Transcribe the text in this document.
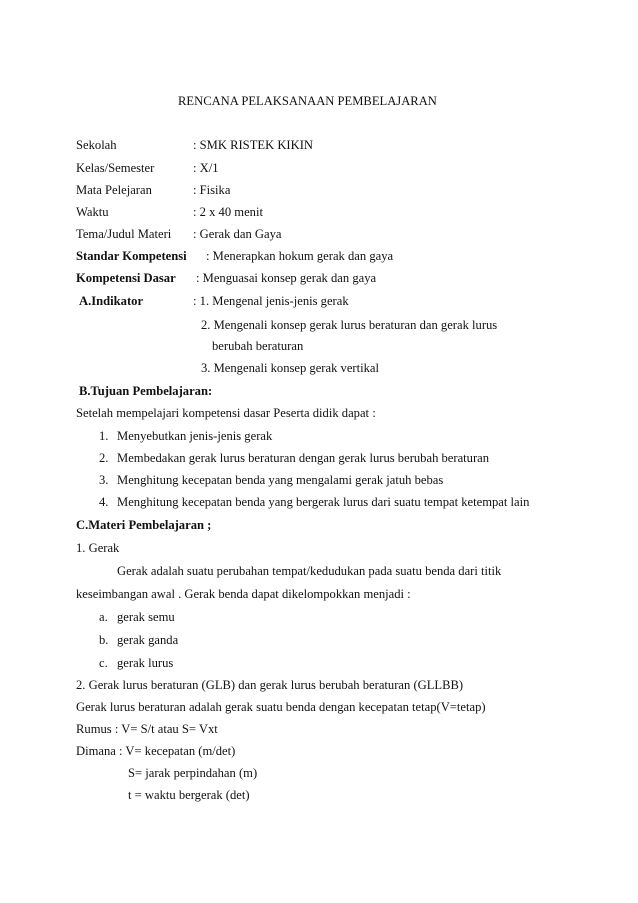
RENCANA PELAKSANAAN PEMBELAJARAN
Sekolah	: SMK RISTEK KIKIN
Kelas/Semester	: X/1
Mata Pelejaran	: Fisika
Waktu	: 2 x 40 menit
Tema/Judul Materi : Gerak dan Gaya
Standar Kompetensi : Menerapkan hokum gerak dan gaya
Kompetensi Dasar : Menguasai konsep gerak dan gaya
A.Indikator	: 1. Mengenal jenis-jenis gerak
2. Mengenali konsep gerak lurus beraturan dan gerak lurus
berubah beraturan
3. Mengenali konsep gerak vertikal
B.Tujuan Pembelajaran:
Setelah mempelajari kompetensi dasar Peserta didik dapat :
1. Menyebutkan jenis-jenis gerak
2. Membedakan gerak lurus beraturan dengan gerak lurus berubah beraturan
3. Menghitung kecepatan benda yang mengalami gerak jatuh bebas
4. Menghitung kecepatan benda yang bergerak lurus dari suatu tempat ketempat lain
C.Materi Pembelajaran ;
1. Gerak
Gerak adalah suatu perubahan tempat/kedudukan pada suatu benda dari titik
keseimbangan awal . Gerak benda dapat dikelompokkan menjadi :
a. gerak semu
b. gerak ganda
c. gerak lurus
2. Gerak lurus beraturan (GLB) dan gerak lurus berubah beraturan (GLLBB)
Gerak lurus beraturan adalah gerak suatu benda dengan kecepatan tetap(V=tetap)
Rumus : V= S/t atau S= Vxt
Dimana : V= kecepatan (m/det)
S= jarak perpindahan (m)
t = waktu bergerak (det)
